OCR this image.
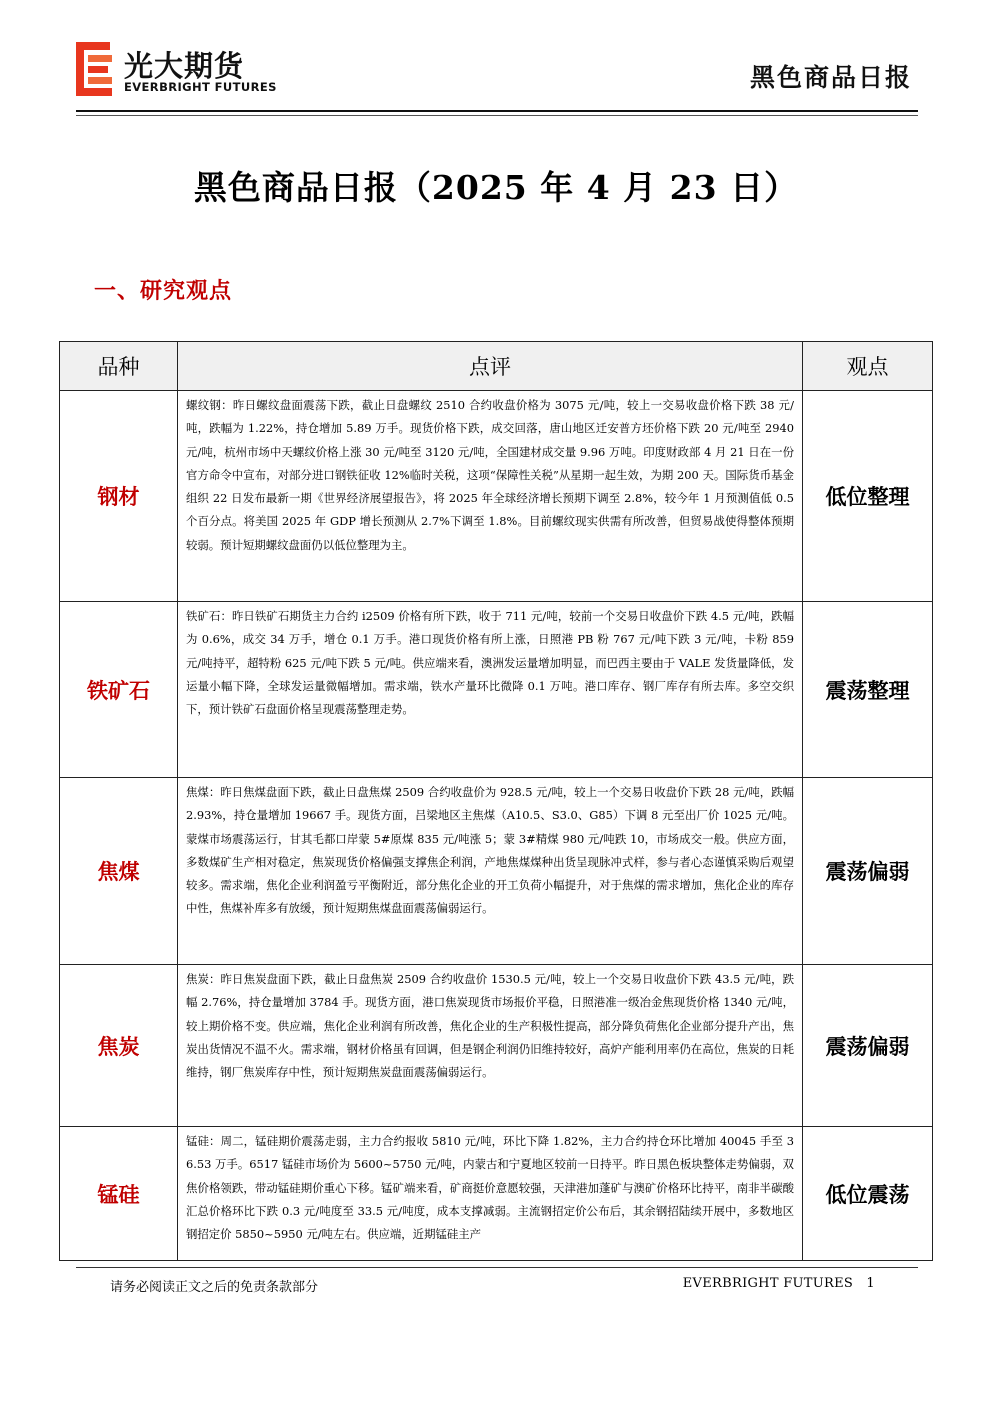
光大期货
EVERBRIGHT FUTURES	黑色商品日报
黑色商品日报（2025 年 4 月 23 日）
一、研究观点
品种	点评	观点
钢材	螺纹钢：昨日螺纹盘面震荡下跌，截止日盘螺纹 2510 合约收盘价格为 3075 元/吨，较上一交易收盘价格下跌 38 元/吨，跌幅为 1.22%，持仓增加 5.89 万手。现货价格下跌，成交回落，唐山地区迁安普方坯价格下跌 20 元/吨至 2940 元/吨，杭州市场中天螺纹价格上涨 30 元/吨至 3120 元/吨，全国建材成交量 9.96 万吨。印度财政部 4 月 21 日在一份官方命令中宣布，对部分进口钢铁征收 12%临时关税，这项“保障性关税”从星期一起生效，为期 200 天。国际货币基金组织 22 日发布最新一期《世界经济展望报告》，将 2025 年全球经济增长预期下调至 2.8%，较今年 1 月预测值低 0.5 个百分点。将美国 2025 年 GDP 增长预测从 2.7%下调至 1.8%。目前螺纹现实供需有所改善，但贸易战使得整体预期较弱。预计短期螺纹盘面仍以低位整理为主。	低位整理
铁矿石	铁矿石：昨日铁矿石期货主力合约 i2509 价格有所下跌，收于 711 元/吨，较前一个交易日收盘价下跌 4.5 元/吨，跌幅为 0.6%，成交 34 万手，增仓 0.1 万手。港口现货价格有所上涨，日照港 PB 粉 767 元/吨下跌 3 元/吨，卡粉 859 元/吨持平，超特粉 625 元/吨下跌 5 元/吨。供应端来看，澳洲发运量增加明显，而巴西主要由于 VALE 发货量降低，发运量小幅下降，全球发运量微幅增加。需求端，铁水产量环比微降 0.1 万吨。港口库存、钢厂库存有所去库。多空交织下，预计铁矿石盘面价格呈现震荡整理走势。	震荡整理
焦煤	焦煤：昨日焦煤盘面下跌，截止日盘焦煤 2509 合约收盘价为 928.5 元/吨，较上一个交易日收盘价下跌 28 元/吨，跌幅 2.93%，持仓量增加 19667 手。现货方面，吕梁地区主焦煤（A10.5、S3.0、G85）下调 8 元至出厂价 1025 元/吨。蒙煤市场震荡运行，甘其毛都口岸蒙 5#原煤 835 元/吨涨 5；蒙 3#精煤 980 元/吨跌 10，市场成交一般。供应方面，多数煤矿生产相对稳定，焦炭现货价格偏强支撑焦企利润，产地焦煤煤种出货呈现脉冲式样，参与者心态谨慎采购后观望较多。需求端，焦化企业利润盈亏平衡附近，部分焦化企业的开工负荷小幅提升，对于焦煤的需求增加，焦化企业的库存中性，焦煤补库多有放缓，预计短期焦煤盘面震荡偏弱运行。	震荡偏弱
焦炭	焦炭：昨日焦炭盘面下跌，截止日盘焦炭 2509 合约收盘价 1530.5 元/吨，较上一个交易日收盘价下跌 43.5 元/吨，跌幅 2.76%，持仓量增加 3784 手。现货方面，港口焦炭现货市场报价平稳，日照港准一级冶金焦现货价格 1340 元/吨，较上期价格不变。供应端，焦化企业利润有所改善，焦化企业的生产积极性提高，部分降负荷焦化企业部分提升产出，焦炭出货情况不温不火。需求端，钢材价格虽有回调，但是钢企利润仍旧维持较好，高炉产能利用率仍在高位，焦炭的日耗维持，钢厂焦炭库存中性，预计短期焦炭盘面震荡偏弱运行。	震荡偏弱
锰硅	锰硅：周二，锰硅期价震荡走弱，主力合约报收 5810 元/吨，环比下降 1.82%，主力合约持仓环比增加 40045 手至 36.53 万手。6517 锰硅市场价为 5600~5750 元/吨，内蒙古和宁夏地区较前一日持平。昨日黑色板块整体走势偏弱，双焦价格领跌，带动锰硅期价重心下移。锰矿端来看，矿商挺价意愿较强，天津港加蓬矿与澳矿价格环比持平，南非半碳酸汇总价格环比下跌 0.3 元/吨度至 33.5 元/吨度，成本支撑减弱。主流钢招定价公布后，其余钢招陆续开展中，多数地区钢招定价 5850~5950 元/吨左右。供应端，近期锰硅主产	低位震荡
请务必阅读正文之后的免责条款部分	EVERBRIGHT FUTURES 1
